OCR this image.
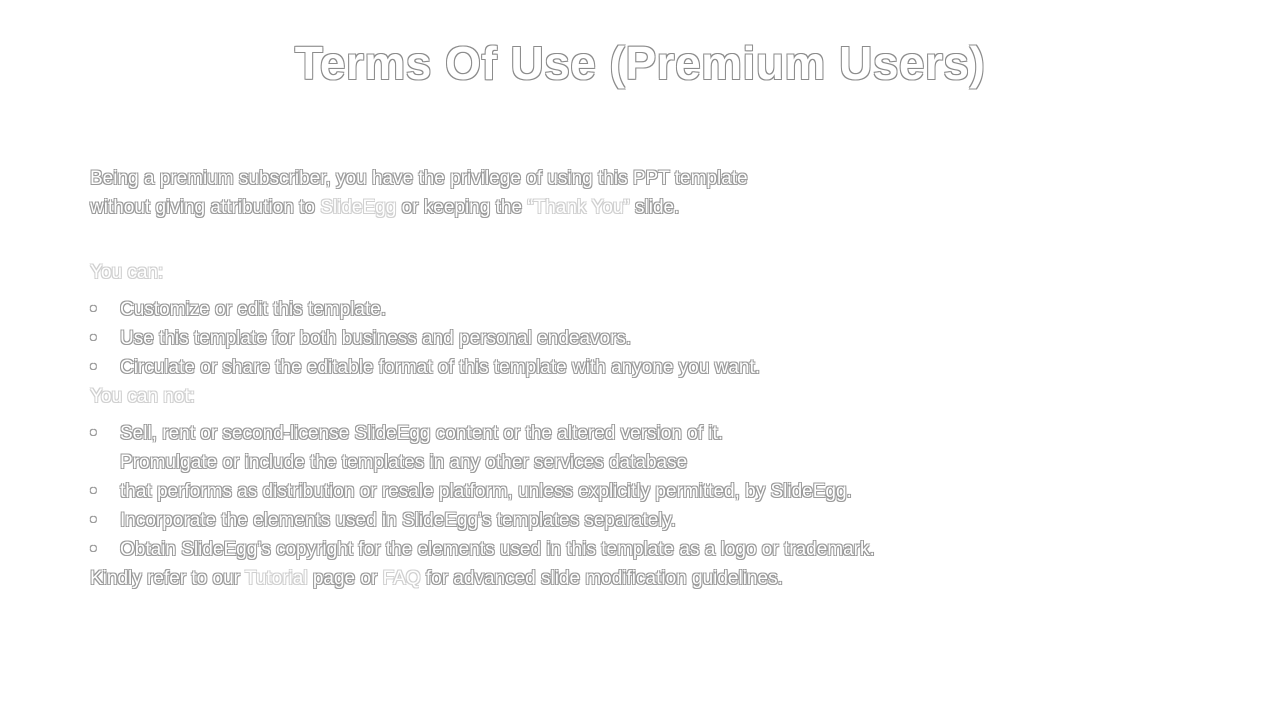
Terms Of Use (Premium Users)

Being a premium subscriber, you have the privilege of using this PPT template
without giving attribution to SlideEgg or keeping the “Thank You” slide.

You can:
• Customize or edit this template.
• Use this template for both business and personal endeavors.
• Circulate or share the editable format of this template with anyone you want.
You can not:
• Sell, rent or second-license SlideEgg content or the altered version of it.
Promulgate or include the templates in any other services database
• that performs as distribution or resale platform, unless explicitly permitted, by SlideEgg.
• Incorporate the elements used in SlideEgg’s templates separately.
• Obtain SlideEgg’s copyright for the elements used in this template as a logo or trademark.

Kindly refer to our Tutorial page or FAQ for advanced slide modification guidelines.
